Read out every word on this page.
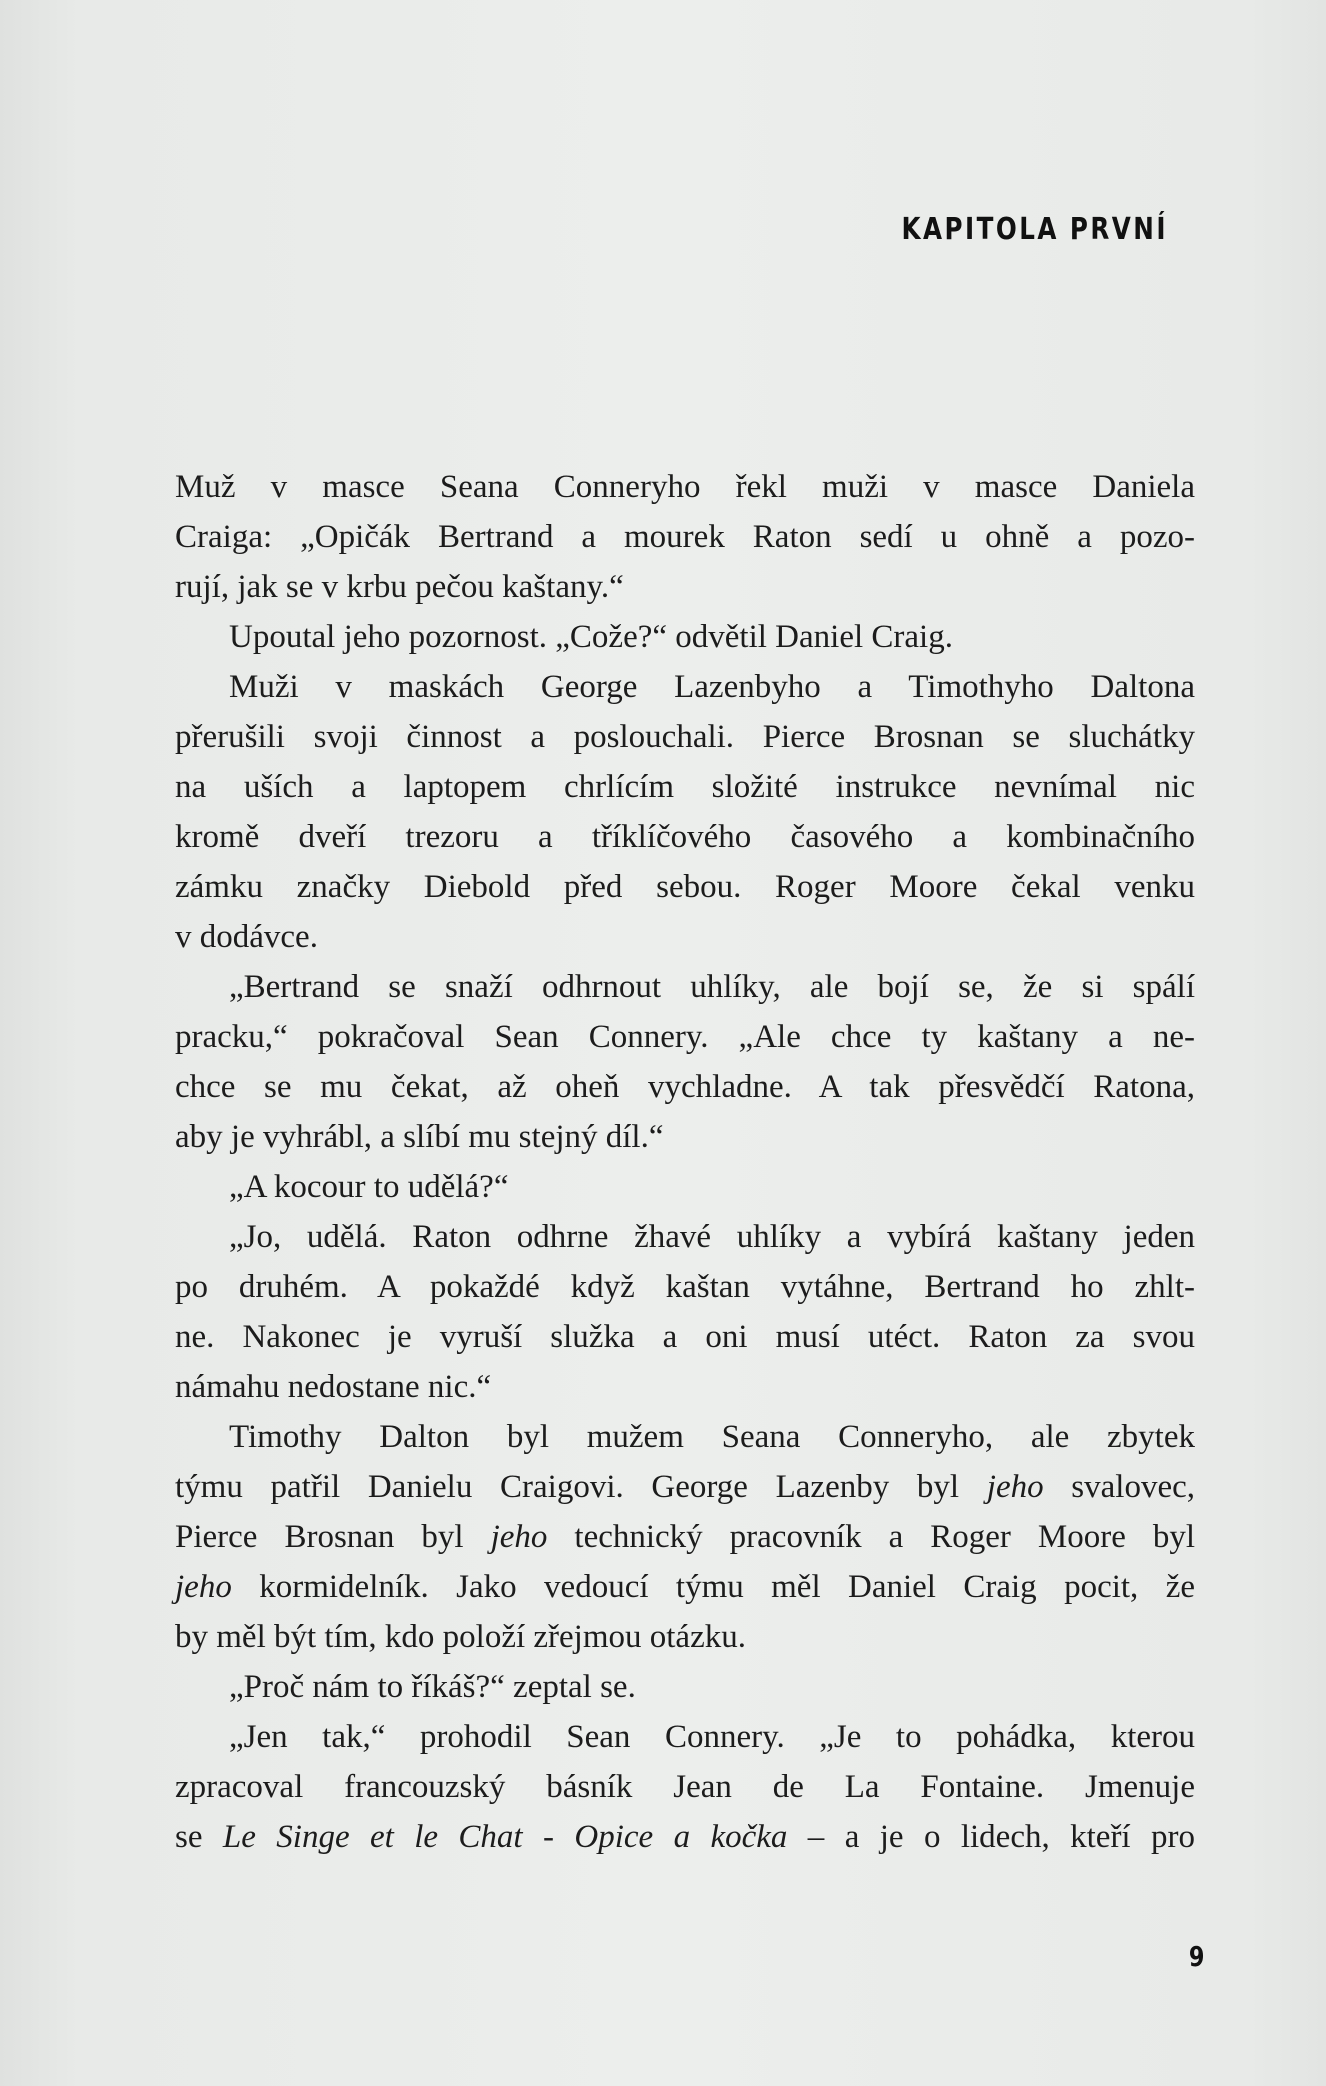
KAPITOLA PRVNÍ
Muž v masce Seana Conneryho řekl muži v masce Daniela
Craiga: „Opičák Bertrand a mourek Raton sedí u ohně a pozo-
rují, jak se v krbu pečou kaštany.“
Upoutal jeho pozornost. „Cože?“ odvětil Daniel Craig.
Muži v maskách George Lazenbyho a Timothyho Daltona
přerušili svoji činnost a poslouchali. Pierce Brosnan se sluchátky
na uších a laptopem chrlícím složité instrukce nevnímal nic
kromě dveří trezoru a tříklíčového časového a kombinačního
zámku značky Diebold před sebou. Roger Moore čekal venku
v dodávce.
„Bertrand se snaží odhrnout uhlíky, ale bojí se, že si spálí
pracku,“ pokračoval Sean Connery. „Ale chce ty kaštany a ne-
chce se mu čekat, až oheň vychladne. A tak přesvědčí Ratona,
aby je vyhrábl, a slíbí mu stejný díl.“
„A kocour to udělá?“
„Jo, udělá. Raton odhrne žhavé uhlíky a vybírá kaštany jeden
po druhém. A pokaždé když kaštan vytáhne, Bertrand ho zhlt-
ne. Nakonec je vyruší služka a oni musí utéct. Raton za svou
námahu nedostane nic.“
Timothy Dalton byl mužem Seana Conneryho, ale zbytek
týmu patřil Danielu Craigovi. George Lazenby byl jeho svalovec,
Pierce Brosnan byl jeho technický pracovník a Roger Moore byl
jeho kormidelník. Jako vedoucí týmu měl Daniel Craig pocit, že
by měl být tím, kdo položí zřejmou otázku.
„Proč nám to říkáš?“ zeptal se.
„Jen tak,“ prohodil Sean Connery. „Je to pohádka, kterou
zpracoval francouzský básník Jean de La Fontaine. Jmenuje
se Le Singe et le Chat - Opice a kočka – a je o lidech, kteří pro
9
